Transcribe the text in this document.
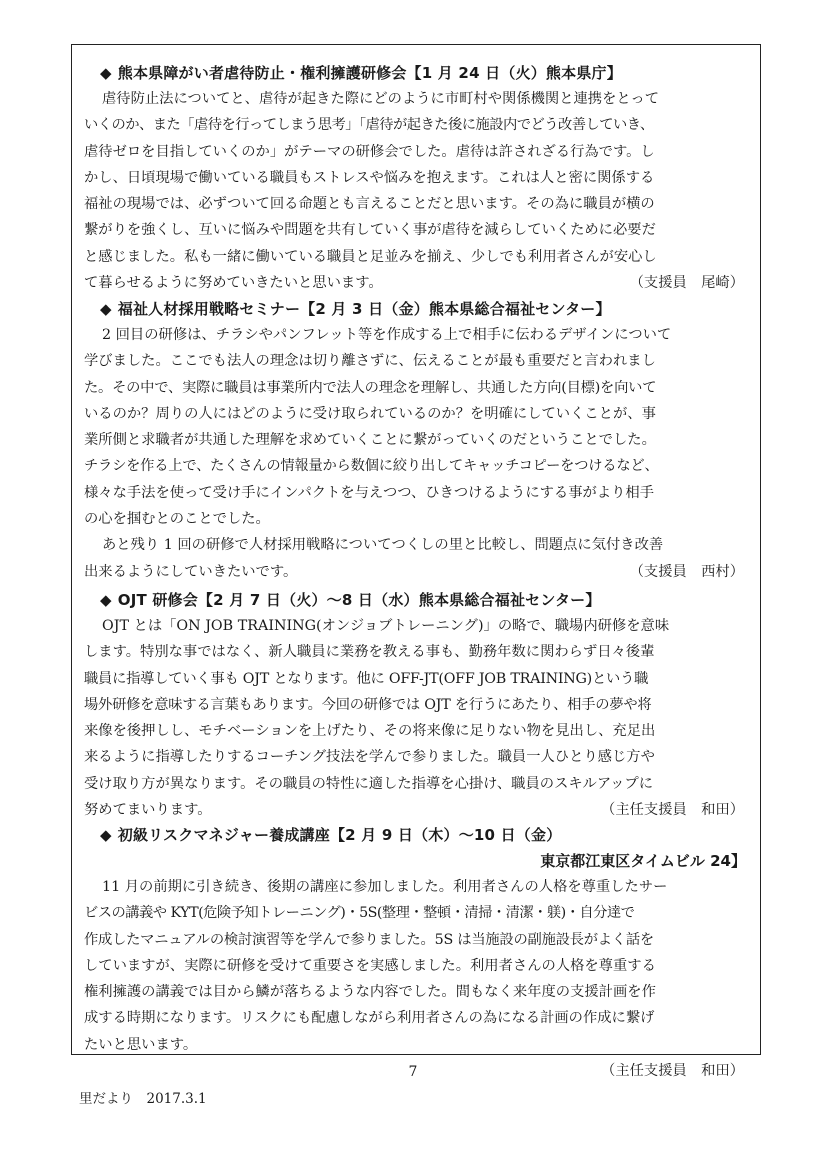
◆ 熊本県障がい者虐待防止・権利擁護研修会【1 月 24 日（火）熊本県庁】
虐待防止法についてと、虐待が起きた際にどのように市町村や関係機関と連携をとって
いくのか、また「虐待を行ってしまう思考」「虐待が起きた後に施設内でどう改善していき、
虐待ゼロを目指していくのか」がテーマの研修会でした。虐待は許されざる行為です。し
かし、日頃現場で働いている職員もストレスや悩みを抱えます。これは人と密に関係する
福祉の現場では、必ずついて回る命題とも言えることだと思います。その為に職員が横の
繋がりを強くし、互いに悩みや問題を共有していく事が虐待を減らしていくために必要だ
と感じました。私も一緒に働いている職員と足並みを揃え、少しでも利用者さんが安心し
て暮らせるように努めていきたいと思います。	（支援員　尾崎）
◆ 福祉人材採用戦略セミナー【2 月 3 日（金）熊本県総合福祉センター】
2 回目の研修は、チラシやパンフレット等を作成する上で相手に伝わるデザインについて
学びました。ここでも法人の理念は切り離さずに、伝えることが最も重要だと言われまし
た。その中で、実際に職員は事業所内で法人の理念を理解し、共通した方向(目標)を向いて
いるのか？周りの人にはどのように受け取られているのか？を明確にしていくことが、事
業所側と求職者が共通した理解を求めていくことに繋がっていくのだということでした。
チラシを作る上で、たくさんの情報量から数個に絞り出してキャッチコピーをつけるなど、
様々な手法を使って受け手にインパクトを与えつつ、ひきつけるようにする事がより相手
の心を掴むとのことでした。
あと残り 1 回の研修で人材採用戦略についてつくしの里と比較し、問題点に気付き改善
出来るようにしていきたいです。	（支援員　西村）
◆ OJT 研修会【2 月 7 日（火）～8 日（水）熊本県総合福祉センター】
OJT とは「ON JOB TRAINING(オンジョブトレーニング)」の略で、職場内研修を意味
します。特別な事ではなく、新人職員に業務を教える事も、勤務年数に関わらず日々後輩
職員に指導していく事も OJT となります。他に OFF-JT(OFF JOB TRAINING)という職
場外研修を意味する言葉もあります。今回の研修では OJT を行うにあたり、相手の夢や将
来像を後押しし、モチベーションを上げたり、その将来像に足りない物を見出し、充足出
来るように指導したりするコーチング技法を学んで参りました。職員一人ひとり感じ方や
受け取り方が異なります。その職員の特性に適した指導を心掛け、職員のスキルアップに
努めてまいります。	（主任支援員　和田）
◆ 初級リスクマネジャー養成講座【2 月 9 日（木）～10 日（金）
東京都江東区タイムビル 24】
11 月の前期に引き続き、後期の講座に参加しました。利用者さんの人格を尊重したサー
ビスの講義や KYT(危険予知トレーニング)・5S(整理・整頓・清掃・清潔・躾)・自分達で
作成したマニュアルの検討演習等を学んで参りました。5S は当施設の副施設長がよく話を
していますが、実際に研修を受けて重要さを実感しました。利用者さんの人格を尊重する
権利擁護の講義では目から鱗が落ちるような内容でした。間もなく来年度の支援計画を作
成する時期になります。リスクにも配慮しながら利用者さんの為になる計画の作成に繋げ
たいと思います。
（主任支援員　和田）
7
里だより　2017.3.1
